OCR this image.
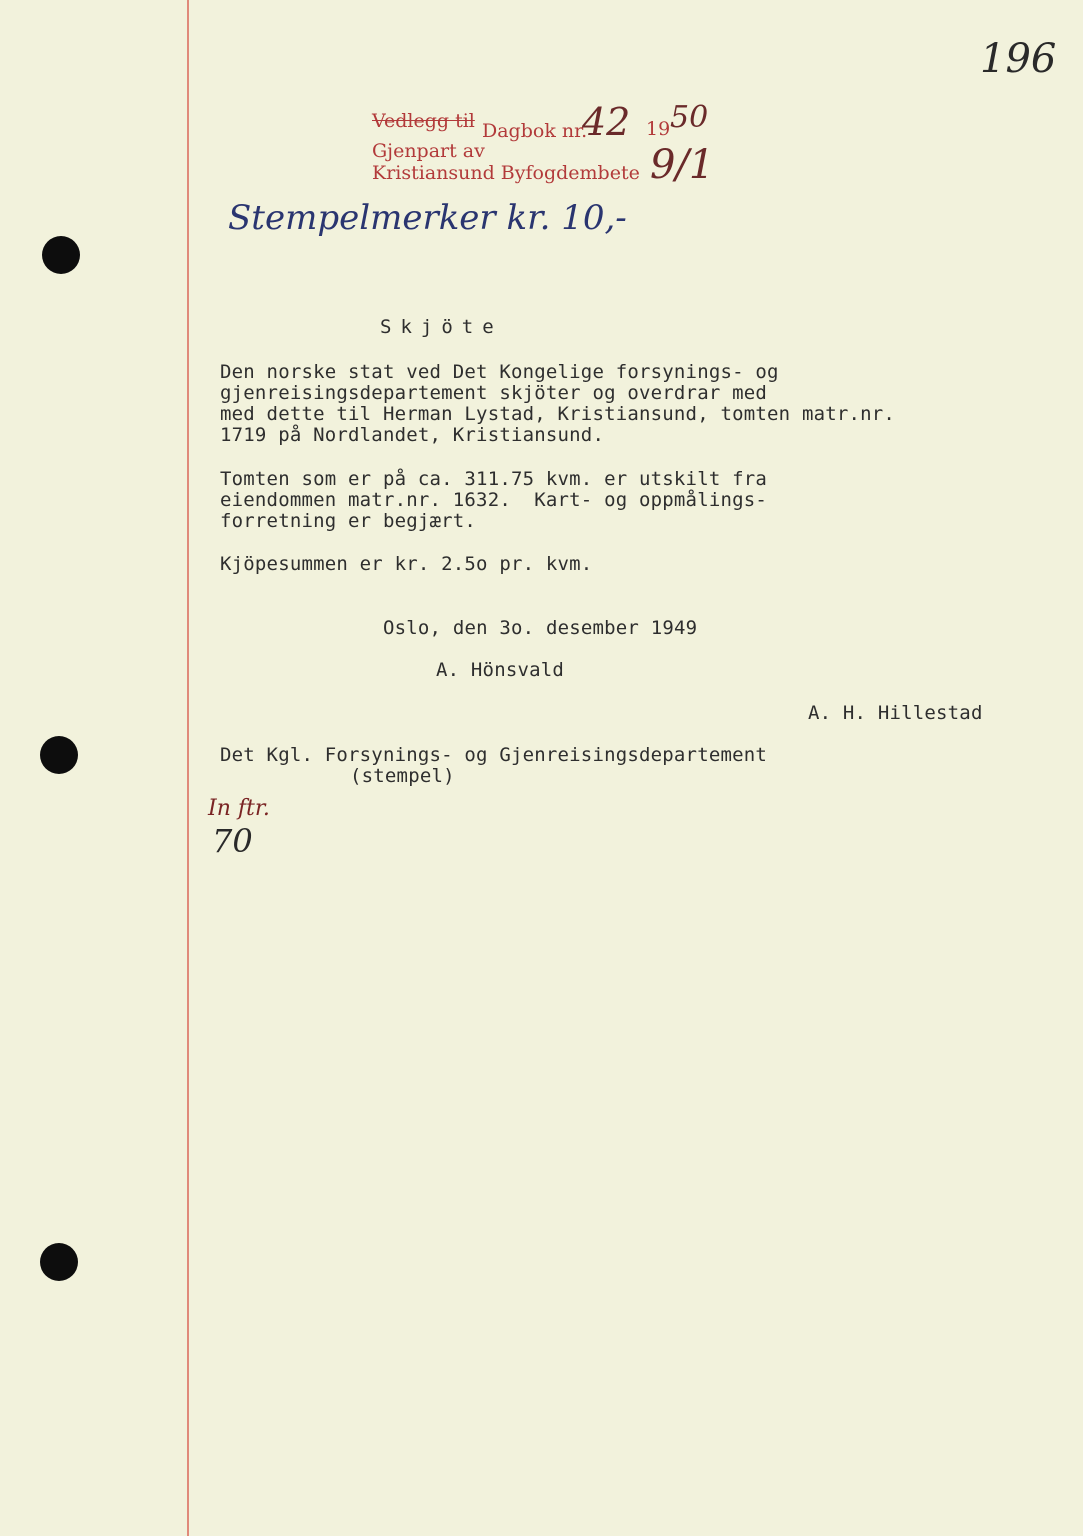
196
Vedlegg til Dagbok nr.
42 19 50
Gjenpart av
Kristiansund Byfogdembete 9/1
Stempelmerker kr. 10,-
Skjöte
Den norske stat ved Det Kongelige forsynings- og
gjenreisingsdepartement skjöter og overdrar med
med dette til Herman Lystad, Kristiansund, tomten matr.nr.
1719 på Nordlandet, Kristiansund.
Tomten som er på ca. 311.75 kvm. er utskilt fra
eiendommen matr.nr. 1632.  Kart- og oppmålings-
forretning er begjært.
Kjöpesummen er kr. 2.5o pr. kvm.
Oslo, den 3o. desember 1949
A. Hönsvald
A. H. Hillestad
Det Kgl. Forsynings- og Gjenreisingsdepartement
(stempel)
In ftr.
70
